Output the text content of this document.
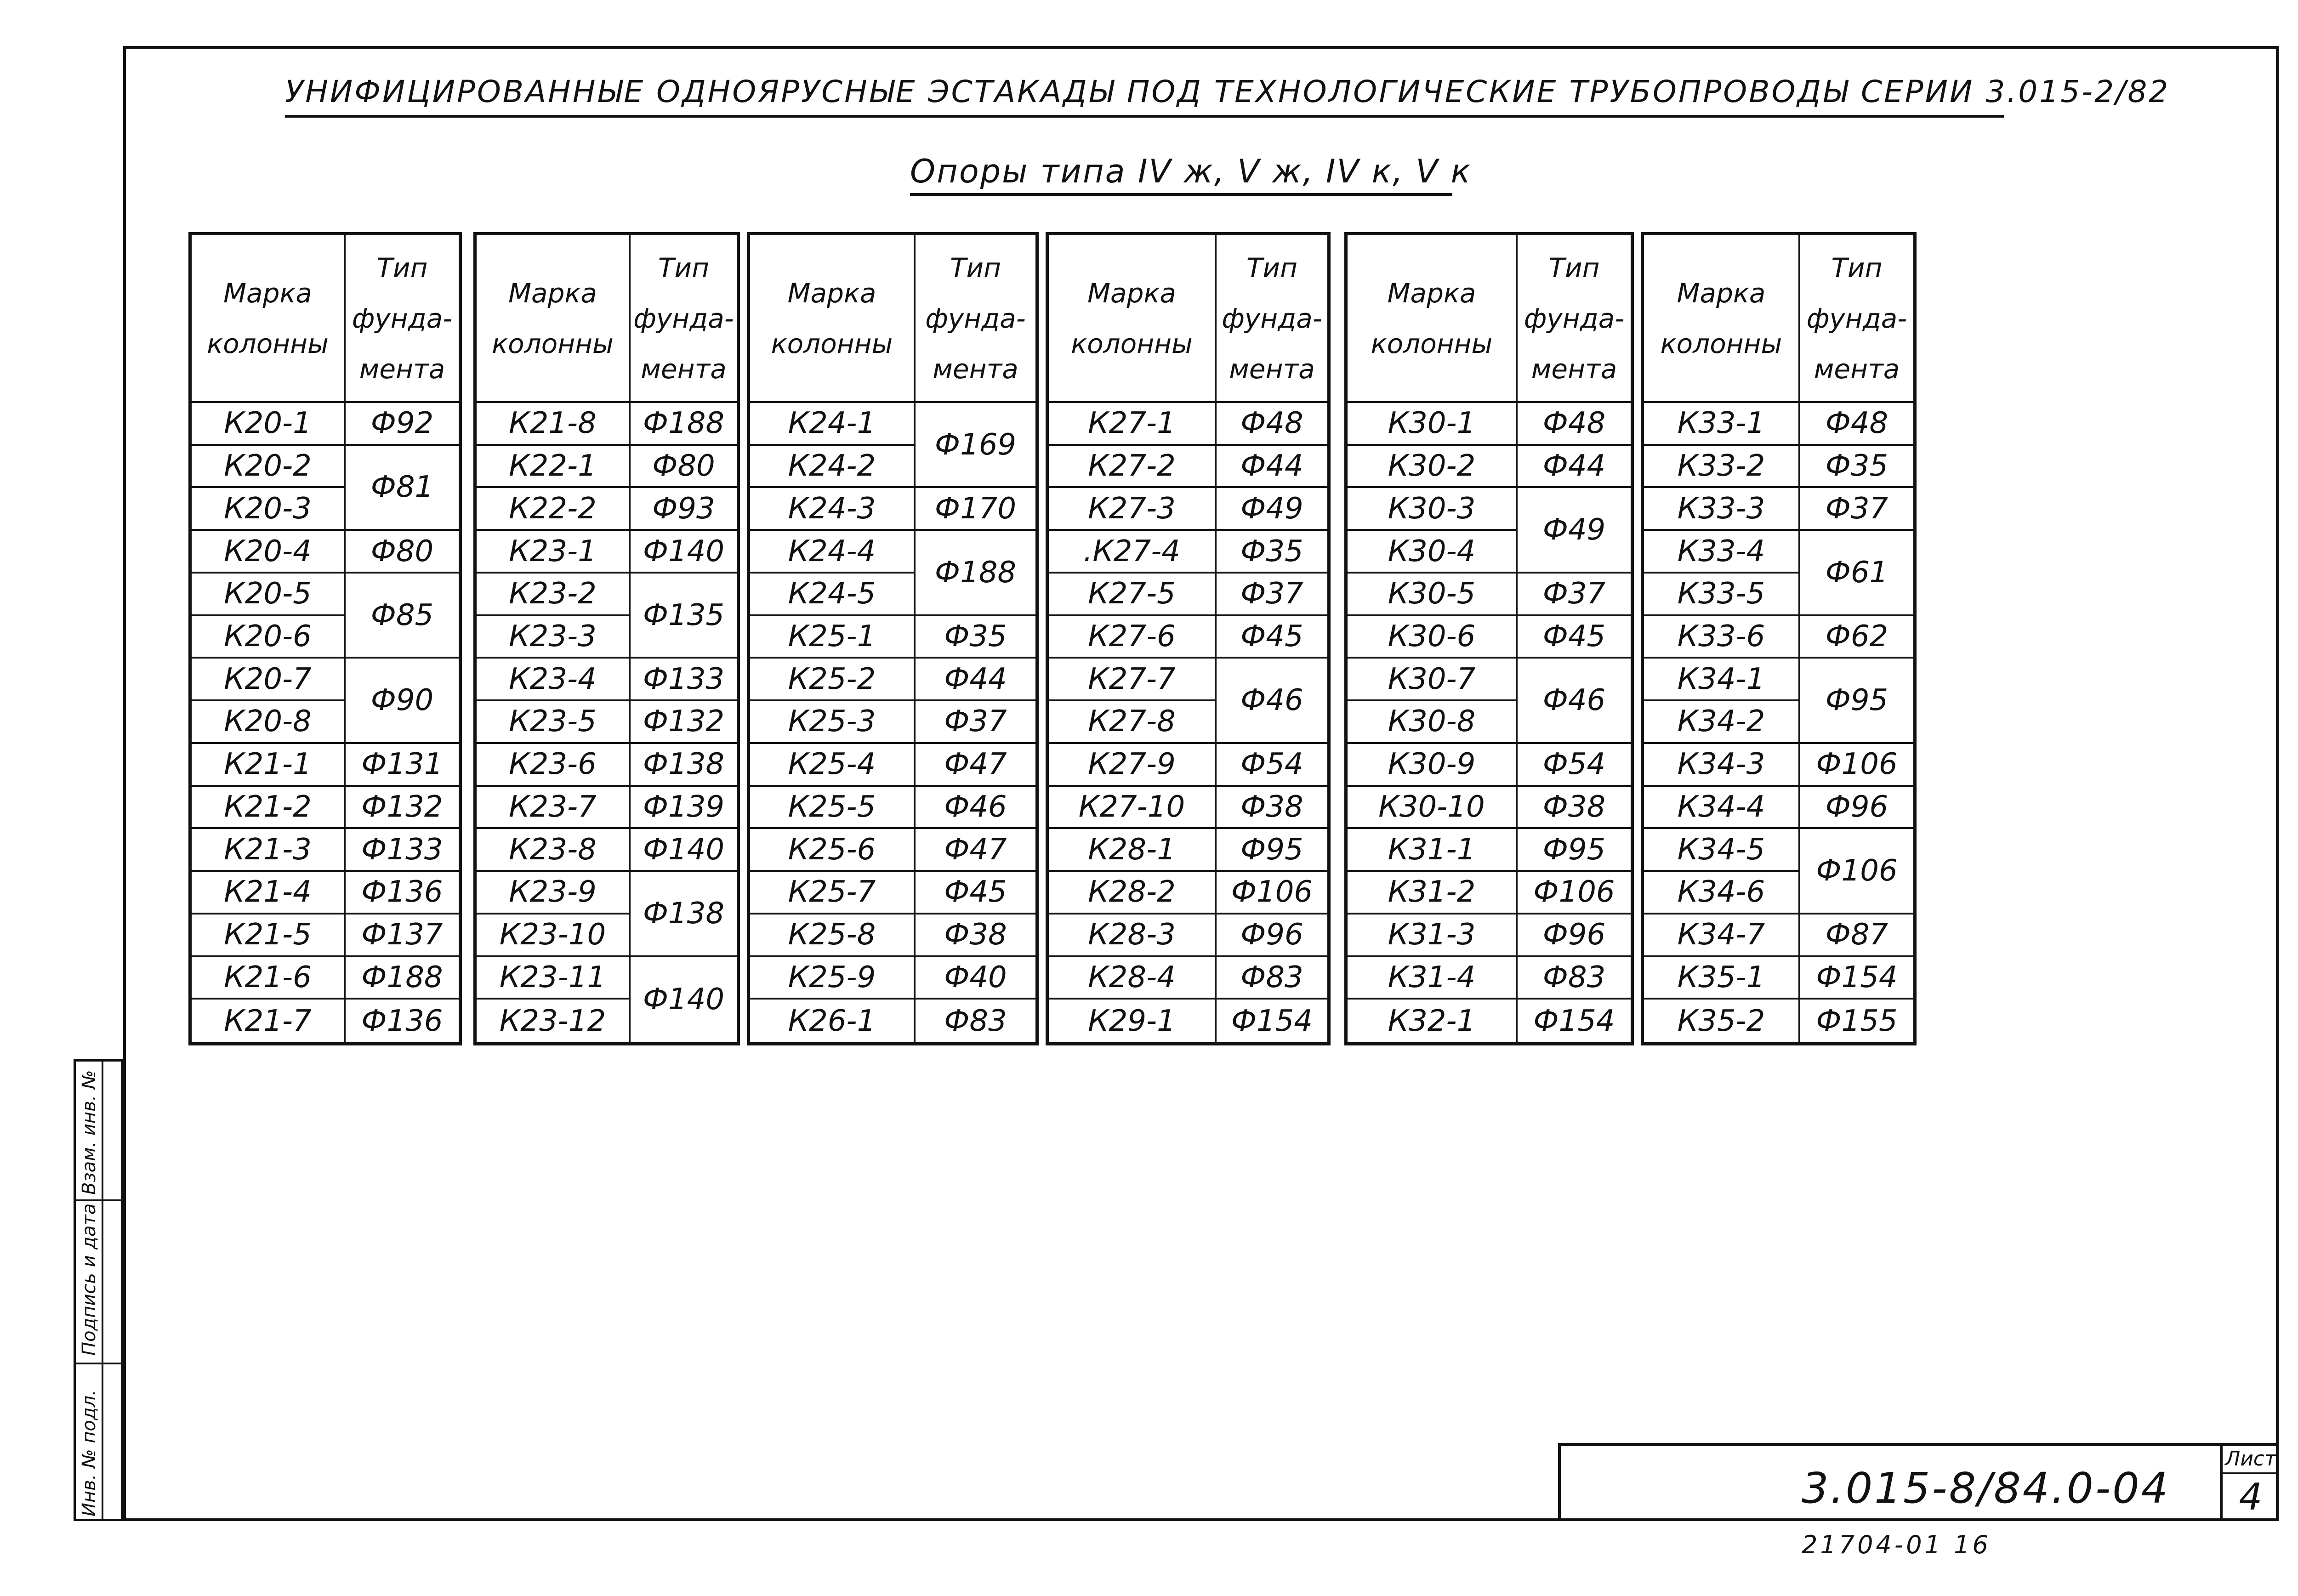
УНИФИЦИРОВАННЫЕ ОДНОЯРУСНЫЕ ЭСТАКАДЫ ПОД ТЕХНОЛОГИЧЕСКИЕ ТРУБОПРОВОДЫ СЕРИИ 3.015-2/82
Опоры типа IV ж, V ж, IV к, V к
Марка
колонны
Тип
фунда-
мента
К20-1
К20-2
К20-3
К20-4
К20-5
К20-6
К20-7
К20-8
К21-1
К21-2
К21-3
К21-4
К21-5
К21-6
К21-7
Ф92
Ф81
Ф80
Ф85
Ф90
Ф131
Ф132
Ф133
Ф136
Ф137
Ф188
Ф136
Марка
колонны
Тип
фунда-
мента
К21-8
К22-1
К22-2
К23-1
К23-2
К23-3
К23-4
К23-5
К23-6
К23-7
К23-8
К23-9
К23-10
К23-11
К23-12
Ф188
Ф80
Ф93
Ф140
Ф135
Ф133
Ф132
Ф138
Ф139
Ф140
Ф138
Ф140
Марка
колонны
Тип
фунда-
мента
К24-1
К24-2
К24-3
К24-4
К24-5
К25-1
К25-2
К25-3
К25-4
К25-5
К25-6
К25-7
К25-8
К25-9
К26-1
Ф169
Ф170
Ф188
Ф35
Ф44
Ф37
Ф47
Ф46
Ф47
Ф45
Ф38
Ф40
Ф83
Марка
колонны
Тип
фунда-
мента
К27-1
К27-2
К27-3
.К27-4
К27-5
К27-6
К27-7
К27-8
К27-9
К27-10
К28-1
К28-2
К28-3
К28-4
К29-1
Ф48
Ф44
Ф49
Ф35
Ф37
Ф45
Ф46
Ф54
Ф38
Ф95
Ф106
Ф96
Ф83
Ф154
Марка
колонны
Тип
фунда-
мента
К30-1
К30-2
К30-3
К30-4
К30-5
К30-6
К30-7
К30-8
К30-9
К30-10
К31-1
К31-2
К31-3
К31-4
К32-1
Ф48
Ф44
Ф49
Ф37
Ф45
Ф46
Ф54
Ф38
Ф95
Ф106
Ф96
Ф83
Ф154
Марка
колонны
Тип
фунда-
мента
К33-1
К33-2
К33-3
К33-4
К33-5
К33-6
К34-1
К34-2
К34-3
К34-4
К34-5
К34-6
К34-7
К35-1
К35-2
Ф48
Ф35
Ф37
Ф61
Ф62
Ф95
Ф106
Ф96
Ф106
Ф87
Ф154
Ф155
Инв. № подл.
Подпись и дата
Взам. инв. №
3.015-8/84.0-04
Лист
4
21704-01 16
